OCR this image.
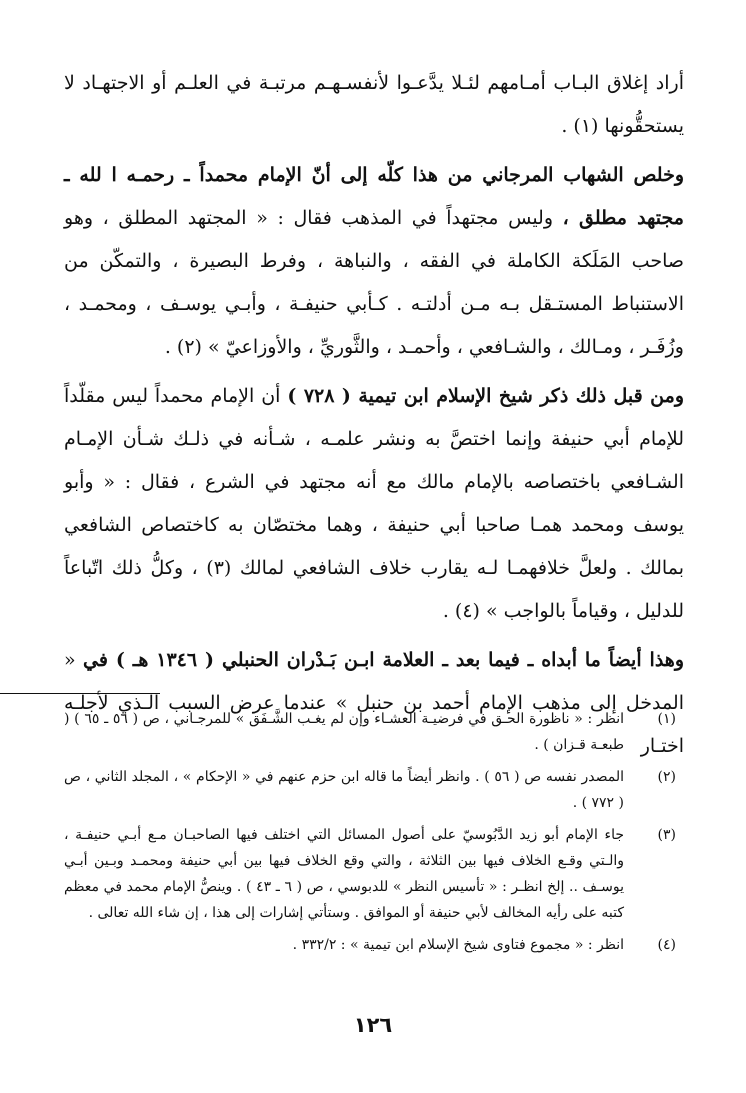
أراد إغلاق البـاب أمـامهم لئـلا يدَّعـوا لأنفسـهـم مرتبـة في العلـم أو الاجتهـاد لا يستحقُّونها (١) .

وخلص الشهاب المرجاني من هذا كلّه إلى أنّ الإمام محمداً ـ رحمـه ا لله ـ مجتهد مطلق ، وليس مجتهداً في المذهب فقال : « المجتهد المطلق ، وهو صاحب المَلَكة الكاملة في الفقه ، والنباهة ، وفرط البصيرة ، والتمكّن من الاستنباط المستـقل بـه مـن أدلتـه . كـأبي حنيفـة ، وأبـي يوسـف ، ومحمـد ، وزُفَـر ، ومـالك ، والشـافعي ، وأحمـد ، والثَّوريِّ ، والأوزاعيّ » (٢) .

ومن قبل ذلك ذكر شيخ الإسلام ابن تيمية ( ٧٢٨ ) أن الإمام محمداً ليس مقلّداً للإمام أبي حنيفة وإنما اختصَّ به ونشر علمـه ، شـأنه في ذلـك شـأن الإمـام الشـافعي باختصاصه بالإمام مالك مع أنه مجتهد في الشرع ، فقال : « وأبو يوسف ومحمد همـا صاحبا أبي حنيفة ، وهما مختصّان به كاختصاص الشافعي بمالك . ولعلَّ خلافهمـا لـه يقارب خلاف الشافعي لمالك (٣) ، وكلُّ ذلك اتّباعاً للدليل ، وقياماً بالواجب » (٤) .

وهذا أيضاً ما أبداه ـ فيما بعد ـ العلامة ابـن بَـدْران الحنبلي ( ١٣٤٦ هـ ) في « المدخل إلى مذهب الإمام أحمد بن حنبل » عندما عرض السبب الـذي لأجلـه اختـار

(١)
انظر : « ناظورة الحـق في فرضيـة العشـاء وإن لم يغـب الشَّـفَق » للمرجـاني ، ص ( ٥٦ ـ ٦٥ ) ( طبعـة قـزان ) .
(٢)
المصدر نفسه ص ( ٥٦ ) . وانظر أيضاً ما قاله ابن حزم عنهم في « الإحكام » ، المجلد الثاني ، ص ( ٧٧٢ ) .
(٣)
جاء الإمام أبو زيد الدَّبُوسيّ على أصول المسائل التي اختلف فيها الصاحبـان مـع أبـي حنيفـة ، والـتي وقـع الخلاف فيها بين الثلاثة ، والتي وقع الخلاف فيها بين أبي حنيفة ومحمـد وبـين أبـي يوسـف .. إلخ انظـر : « تأسيس النظر » للدبوسي ، ص ( ٦ ـ ٤٣ ) . وينصُّ الإمام محمد في معظم كتبه على رأيه المخالف لأبي حنيفة أو الموافق . وستأتي إشارات إلى هذا ، إن شاء الله تعالى .
(٤)
انظر : « مجموع فتاوى شيخ الإسلام ابن تيمية » : ٣٣٢/٢ .
١٢٦
